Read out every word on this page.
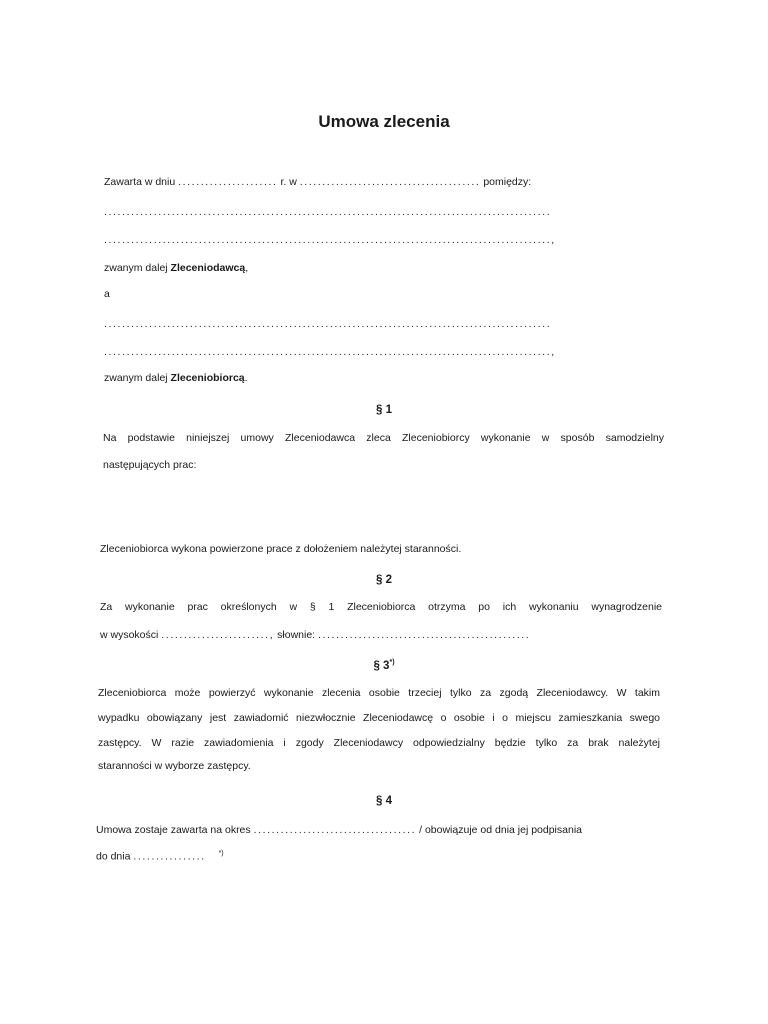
Umowa zlecenia
Zawarta w dniu ...................... r. w ........................................ pomiędzy:
...................................................................................................
...................................................................................................,
zwanym dalej Zleceniodawcą,
a
...................................................................................................
...................................................................................................,
zwanym dalej Zleceniobiorcą.
§ 1
Na podstawie niniejszej umowy Zleceniodawca zleca Zleceniobiorcy wykonanie w sposób samodzielny
następujących prac:
Zleceniobiorca wykona powierzone prace z dołożeniem należytej staranności.
§ 2
Za wykonanie prac określonych w § 1 Zleceniobiorca otrzyma po ich wykonaniu wynagrodzenie
w wysokości ........................, słownie: ...............................................
§ 3*)
Zleceniobiorca może powierzyć wykonanie zlecenia osobie trzeciej tylko za zgodą Zleceniodawcy. W takim
wypadku obowiązany jest zawiadomić niezwłocznie Zleceniodawcę o osobie i o miejscu zamieszkania swego
zastępcy. W razie zawiadomienia i zgody Zleceniodawcy odpowiedzialny będzie tylko za brak należytej
staranności w wyborze zastępcy.
§ 4
Umowa zostaje zawarta na okres .................................... / obowiązuje od dnia jej podpisania
do dnia ................ *)
